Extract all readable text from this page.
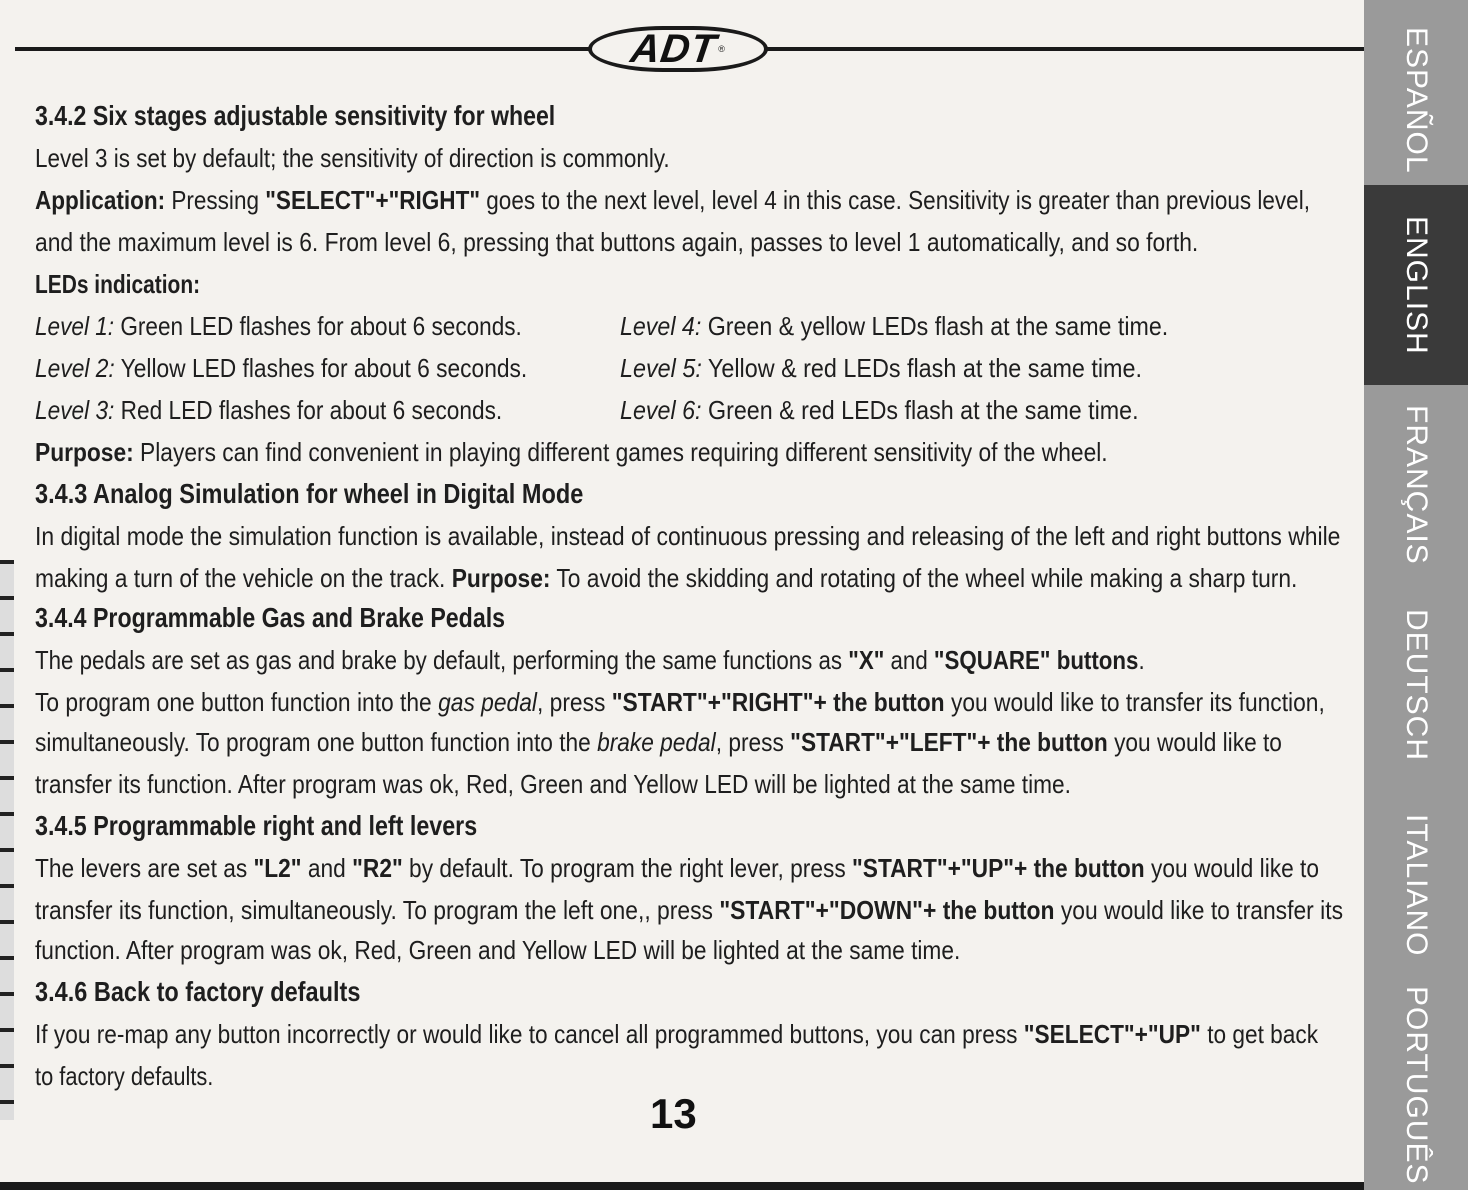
ADT
®
3.4.2 Six stages adjustable sensitivity for wheel
Level 3 is set by default; the sensitivity of direction is commonly.
Application: Pressing "SELECT"+"RIGHT" goes to the next level, level 4 in this case. Sensitivity is greater than previous level,
and the maximum level is 6. From level 6, pressing that buttons again, passes to level 1 automatically, and so forth.
LEDs indication:
Level 1: Green LED flashes for about 6 seconds.
Level 2: Yellow LED flashes for about 6 seconds.
Level 3: Red LED flashes for about 6 seconds.
Level 4: Green & yellow LEDs flash at the same time.
Level 5: Yellow & red LEDs flash at the same time.
Level 6: Green & red LEDs flash at the same time.
Purpose: Players can find convenient in playing different games requiring different sensitivity of the wheel.
3.4.3 Analog Simulation for wheel in Digital Mode
In digital mode the simulation function is available, instead of continuous pressing and releasing of the left and right buttons while
making a turn of the vehicle on the track. Purpose: To avoid the skidding and rotating of the wheel while making a sharp turn.
3.4.4 Programmable Gas and Brake Pedals
The pedals are set as gas and brake by default, performing the same functions as "X" and "SQUARE" buttons.
To program one button function into the gas pedal, press "START"+"RIGHT"+ the button you would like to transfer its function,
simultaneously. To program one button function into the brake pedal, press "START"+"LEFT"+ the button you would like to
transfer its function. After program was ok, Red, Green and Yellow LED will be lighted at the same time.
3.4.5 Programmable right and left levers
The levers are set as "L2" and "R2" by default. To program the right lever, press "START"+"UP"+ the button you would like to
transfer its function, simultaneously. To program the left one,, press "START"+"DOWN"+ the button you would like to transfer its
function. After program was ok, Red, Green and Yellow LED will be lighted at the same time.
3.4.6 Back to factory defaults
If you re-map any button incorrectly or would like to cancel all programmed buttons, you can press "SELECT"+"UP" to get back
to factory defaults.
13
ESPAÑOL
ENGLISH
FRANÇAIS
DEUTSCH
ITALIANO
PORTUGUÊS
